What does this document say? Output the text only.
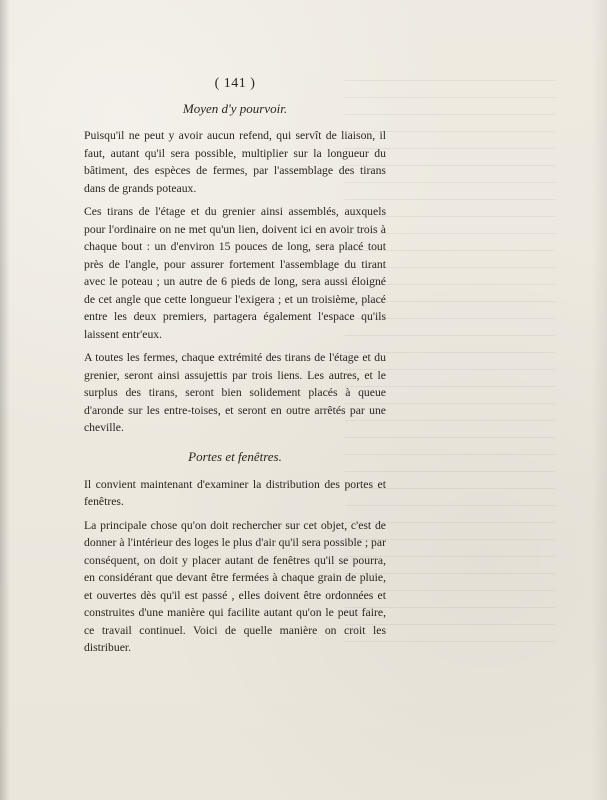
( 141 )
Moyen d'y pourvoir.

Puisqu'il ne peut y avoir aucun refend, qui servît de liaison, il faut, autant qu'il sera possible, multiplier sur la longueur du bâtiment, des espèces de fermes, par l'assemblage des tirans dans de grands poteaux.

Ces tirans de l'étage et du grenier ainsi assemblés, auxquels pour l'ordinaire on ne met qu'un lien, doivent ici en avoir trois à chaque bout : un d'environ 15 pouces de long, sera placé tout près de l'angle, pour assurer fortement l'assemblage du tirant avec le poteau ; un autre de 6 pieds de long, sera aussi éloigné de cet angle que cette longueur l'exigera ; et un troisième, placé entre les deux premiers, partagera également l'espace qu'ils laissent entr'eux.

A toutes les fermes, chaque extrémité des tirans de l'étage et du grenier, seront ainsi assujettis par trois liens. Les autres, et le surplus des tirans, seront bien solidement placés à queue d'aronde sur les entre-toises, et seront en outre arrêtés par une cheville.

Portes et fenêtres.

Il convient maintenant d'examiner la distribution des portes et fenêtres.

La principale chose qu'on doit rechercher sur cet objet, c'est de donner à l'intérieur des loges le plus d'air qu'il sera possible ; par conséquent, on doit y placer autant de fenêtres qu'il se pourra, en considérant que devant être fermées à chaque grain de pluie, et ouvertes dès qu'il est passé , elles doivent être ordonnées et construites d'une manière qui facilite autant qu'on le peut faire, ce travail continuel. Voici de quelle manière on croit les distribuer.
